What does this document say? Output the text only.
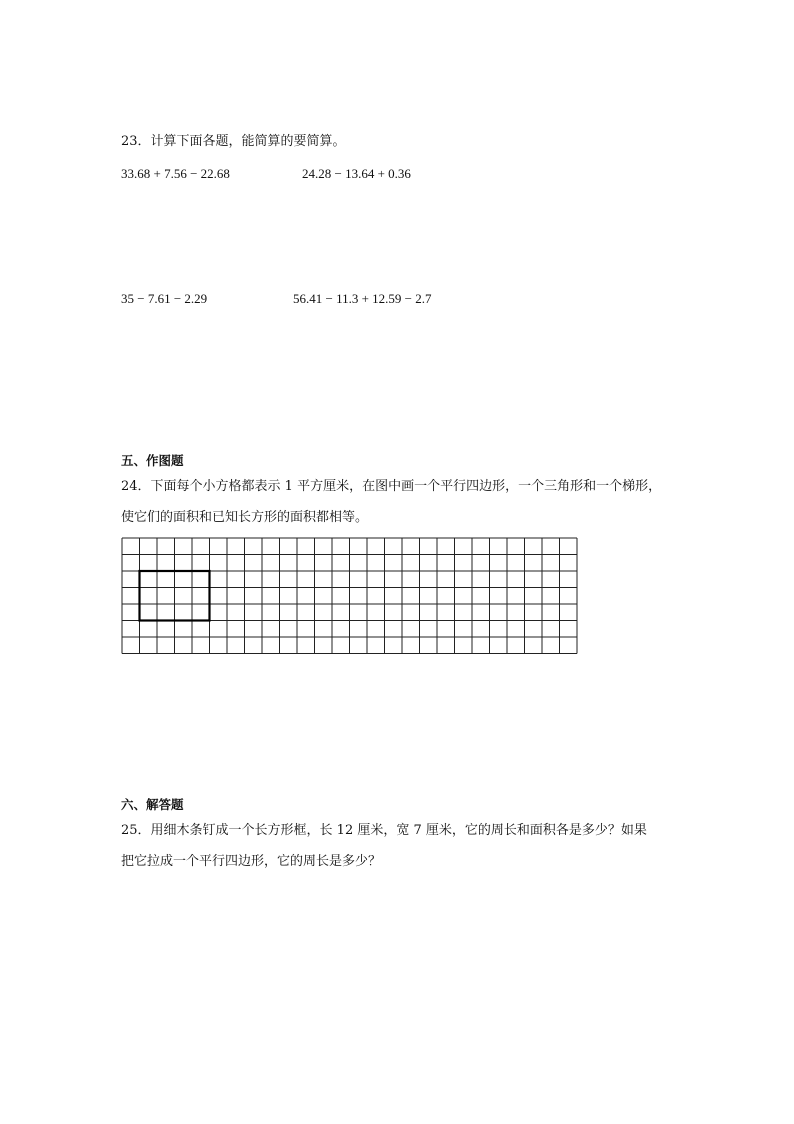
23．计算下面各题，能简算的要简算。
33.68 + 7.56 − 22.68	24.28 − 13.64 + 0.36
35 − 7.61 − 2.29	56.41 − 11.3 + 12.59 − 2.7
五、作图题
24．下面每个小方格都表示 1 平方厘米，在图中画一个平行四边形，一个三角形和一个梯形，
使它们的面积和已知长方形的面积都相等。
六、解答题
25．用细木条钉成一个长方形框，长 12 厘米，宽 7 厘米，它的周长和面积各是多少？如果
把它拉成一个平行四边形，它的周长是多少？
